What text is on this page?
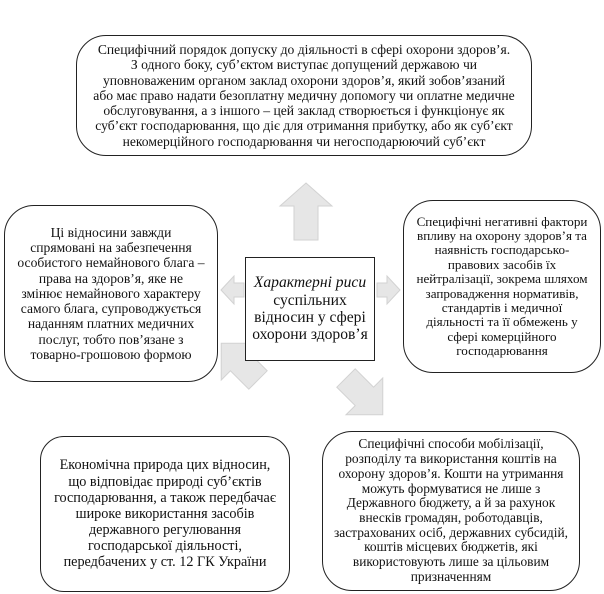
Специфічний порядок допуску до діяльності в сфері охорони здоров’я. З одного боку, суб’єктом виступає допущений державою чи уповноваженим органом заклад охорони здоров’я, який зобов’язаний або має право надати безоплатну медичну допомогу чи оплатне медичне обслуговування, а з іншого – цей заклад створюється і функціонує як суб’єкт господарювання, що діє для отримання прибутку, або як суб’єкт некомерційного господарювання чи негосподарюючий суб’єкт
Ці відносини завжди спрямовані на забезпечення особистого немайнового блага – права на здоров’я, яке не змінює немайнового характеру самого блага, супроводжується наданням платних медичних послуг, тобто пов’язане з товарно-грошовою формою
Специфічні негативні фактори впливу на охорону здоров’я та наявність господарсько-правових засобів їх нейтралізації, зокрема шляхом запровадження нормативів, стандартів і медичної діяльності та її обмежень у сфері комерційного господарювання
Характерні риси суспільних відносин у сфері охорони здоров’я
Економічна природа цих відносин, що відповідає природі суб’єктів господарювання, а також передбачає широке використання засобів державного регулювання господарської діяльності, передбачених у ст. 12 ГК України
Специфічні способи мобілізації, розподілу та використання коштів на охорону здоров’я. Кошти на утримання можуть формуватися не лише з Державного бюджету, а й за рахунок внесків громадян, роботодавців, застрахованих осіб, державних субсидій, коштів місцевих бюджетів, які використовують лише за цільовим призначенням
